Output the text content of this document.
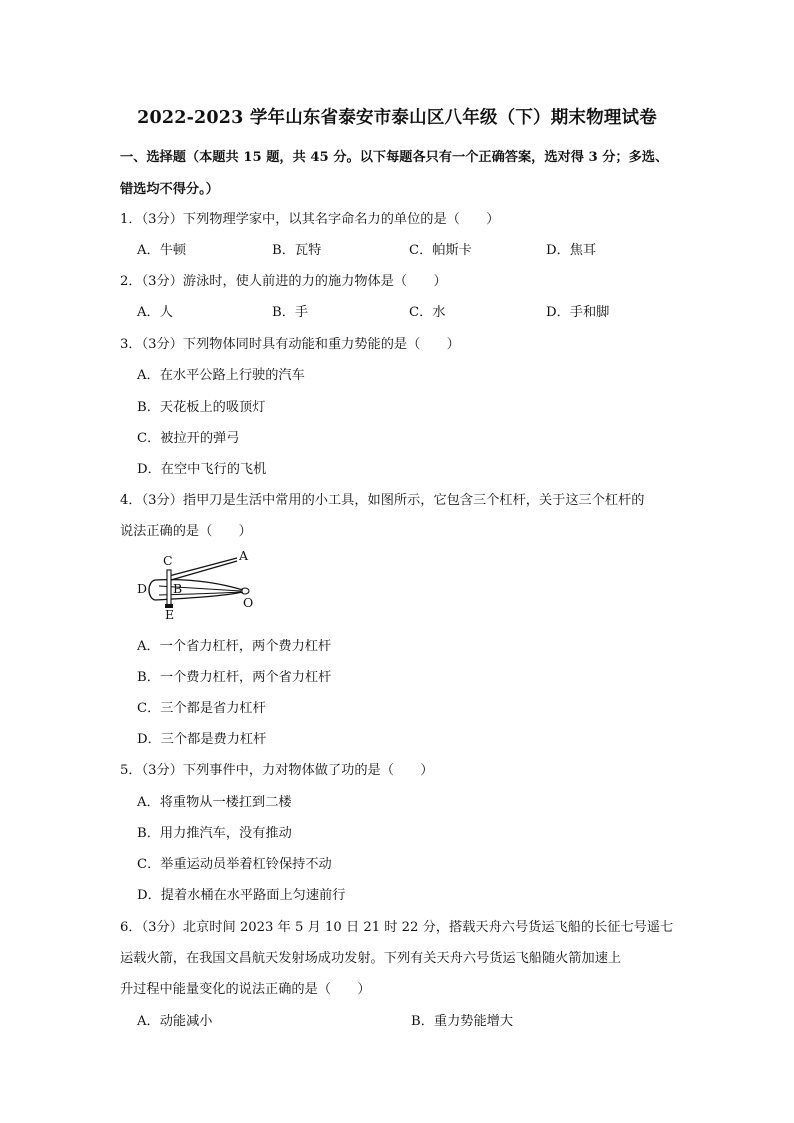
2022-2023 学年山东省泰安市泰山区八年级（下）期末物理试卷
一、选择题（本题共 15 题，共 45 分。以下每题各只有一个正确答案，选对得 3 分；多选、
错选均不得分。）
1．（3分）下列物理学家中，以其名字命名力的单位的是（　　）
A．牛顿	B．瓦特	C．帕斯卡	D．焦耳
2．（3分）游泳时，使人前进的力的施力物体是（　　）
A．人	B．手	C．水	D．手和脚
3．（3分）下列物体同时具有动能和重力势能的是（　　）
A．在水平公路上行驶的汽车
B．天花板上的吸顶灯
C．被拉开的弹弓
D．在空中飞行的飞机
4．（3分）指甲刀是生活中常用的小工具，如图所示，它包含三个杠杆，关于这三个杠杆的
说法正确的是（　　）
A
B
C
D
E
O
A．一个省力杠杆，两个费力杠杆
B．一个费力杠杆，两个省力杠杆
C．三个都是省力杠杆
D．三个都是费力杠杆
5．（3分）下列事件中，力对物体做了功的是（　　）
A．将重物从一楼扛到二楼
B．用力推汽车，没有推动
C．举重运动员举着杠铃保持不动
D．提着水桶在水平路面上匀速前行
6．（3分）北京时间 2023 年 5 月 10 日 21 时 22 分，搭载天舟六号货运飞船的长征七号遥七
运载火箭，在我国文昌航天发射场成功发射。下列有关天舟六号货运飞船随火箭加速上
升过程中能量变化的说法正确的是（　　）
A．动能减小	B．重力势能增大
